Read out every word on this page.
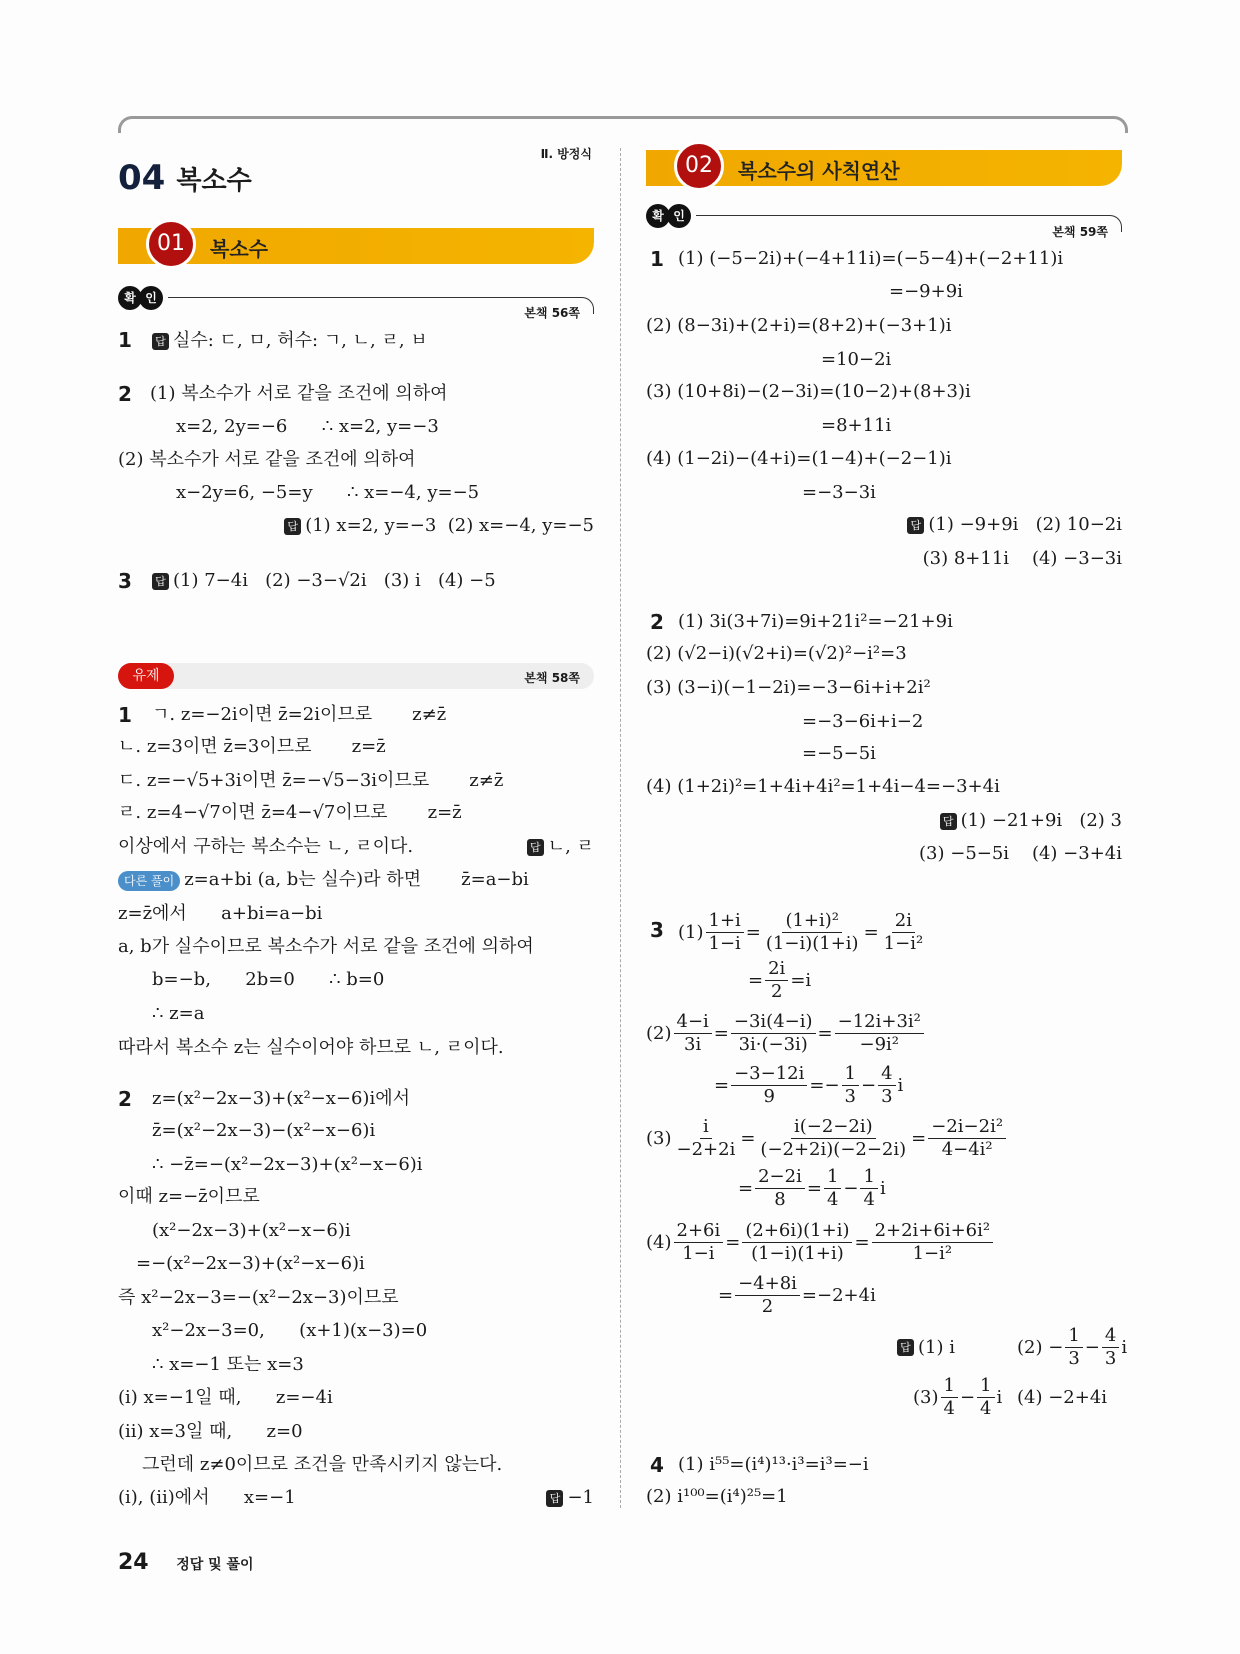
Ⅱ. 방정식
04 복소수
01	복소수
확 인
본책 56쪽
1 답 실수: ㄷ, ㅁ, 허수: ㄱ, ㄴ, ㄹ, ㅂ
2 (1) 복소수가 서로 같을 조건에 의하여
x=2, 2y=−6      ∴ x=2, y=−3
(2) 복소수가 서로 같을 조건에 의하여
x−2y=6, −5=y      ∴ x=−4, y=−5
답 (1) x=2, y=−3  (2) x=−4, y=−5
3 답 (1) 7−4i   (2) −3−√2i   (3) i   (4) −5
유제	본책 58쪽
1 ㄱ. z=−2i이면 z̄=2i이므로       z≠z̄
ㄴ. z=3이면 z̄=3이므로       z=z̄
ㄷ. z=−√5+3i이면 z̄=−√5−3i이므로       z≠z̄
ㄹ. z=4−√7이면 z̄=4−√7이므로       z=z̄
이상에서 구하는 복소수는 ㄴ, ㄹ이다.	답 ㄴ, ㄹ
다른 풀이 z=a+bi (a, b는 실수)라 하면       z̄=a−bi
z=z̄에서      a+bi=a−bi
a, b가 실수이므로 복소수가 서로 같을 조건에 의하여
b=−b,      2b=0      ∴ b=0
∴ z=a
따라서 복소수 z는 실수이어야 하므로 ㄴ, ㄹ이다.
2 z=(x²−2x−3)+(x²−x−6)i에서
z̄=(x²−2x−3)−(x²−x−6)i
∴ −z̄=−(x²−2x−3)+(x²−x−6)i
이때 z=−z̄이므로
(x²−2x−3)+(x²−x−6)i
=−(x²−2x−3)+(x²−x−6)i
즉 x²−2x−3=−(x²−2x−3)이므로
x²−2x−3=0,      (x+1)(x−3)=0
∴ x=−1 또는 x=3
(ⅰ) x=−1일 때,      z=−4i
(ⅱ) x=3일 때,      z=0
그런데 z≠0이므로 조건을 만족시키지 않는다.
(ⅰ), (ⅱ)에서      x=−1	답 −1
02	복소수의 사칙연산
확 인
본책 59쪽
1 (1) (−5−2i)+(−4+11i)=(−5−4)+(−2+11)i
=−9+9i
(2) (8−3i)+(2+i)=(8+2)+(−3+1)i
=10−2i
(3) (10+8i)−(2−3i)=(10−2)+(8+3)i
=8+11i
(4) (1−2i)−(4+i)=(1−4)+(−2−1)i
=−3−3i
답 (1) −9+9i   (2) 10−2i
(3) 8+11i    (4) −3−3i
2 (1) 3i(3+7i)=9i+21i²=−21+9i
(2) (√2−i)(√2+i)=(√2)²−i²=3
(3) (3−i)(−1−2i)=−3−6i+i+2i²
=−3−6i+i−2
=−5−5i
(4) (1+2i)²=1+4i+4i²=1+4i−4=−3+4i
답 (1) −21+9i   (2) 3
(3) −5−5i    (4) −3+4i
3 $(1) \frac{1+i}{1-i} = \frac{\text{(1+i)²}}{(1-i)(1+i)} = \frac{2i}{\text{1−i²}}$
= $\frac{2i}{2} =i$
$(2) \frac{4-i}{3i} = \frac{-3i(4-i)}{3i\cdot(-3i)} = \frac{\text{−12i+3i²}}{\text{−9i²}}$
= $\frac{-3-12i}{9} =- \frac{1}{3} - \frac{4}{3}$ i
$(3) \frac{i}{-2+2i} = \frac{i(-2-2i)}{(-2+2i)(-2-2i)} = \frac{\text{−2i−2i²}}{\text{4−4i²}}$
= $\frac{2-2i}{8} = \frac{1}{4} - \frac{1}{4}$ i
$(4) \frac{2+6i}{1-i} = \frac{(2+6i)(1+i)}{(1-i)(1+i)} = \frac{\text{2+2i+6i+6i²}}{\text{1−i²}}$
= $\frac{-4+8i}{2} =-2+4i$
답 (1) i	$(2) - \frac{1}{3} - \frac{4}{3}$ i
$(3) \frac{1}{4} - \frac{1}{4}$ i (4) −2+4i
4 (1) i⁵⁵=(i⁴)¹³·i³=i³=−i
(2) i¹⁰⁰=(i⁴)²⁵=1
24 정답 및 풀이
